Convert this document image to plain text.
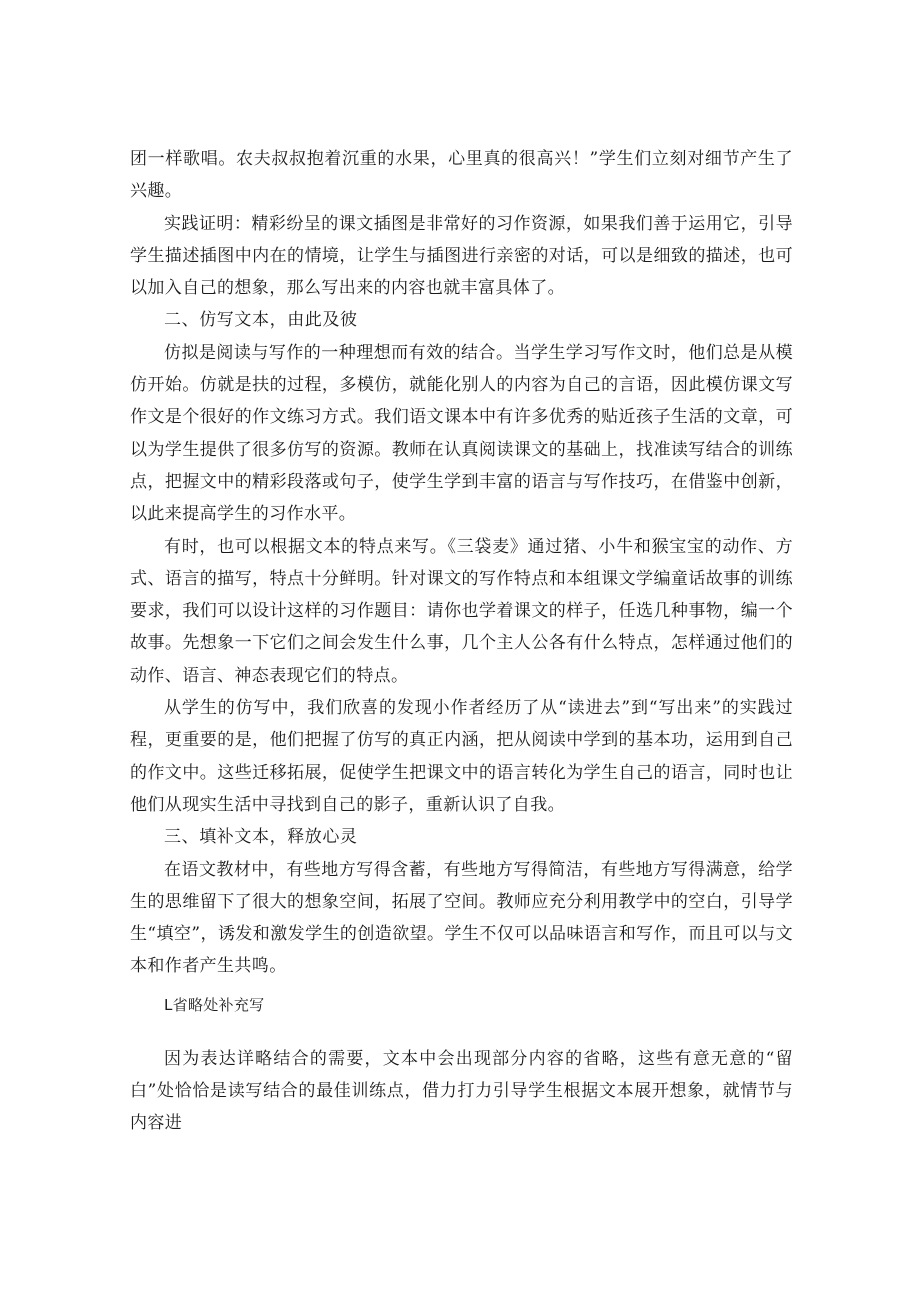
团一样歌唱。农夫叔叔抱着沉重的水果，心里真的很高兴！”学生们立刻对细节产生了兴趣。

实践证明：精彩纷呈的课文插图是非常好的习作资源，如果我们善于运用它，引导学生描述插图中内在的情境，让学生与插图进行亲密的对话，可以是细致的描述，也可以加入自己的想象，那么写出来的内容也就丰富具体了。

二、仿写文本，由此及彼

仿拟是阅读与写作的一种理想而有效的结合。当学生学习写作文时，他们总是从模仿开始。仿就是扶的过程，多模仿，就能化别人的内容为自己的言语，因此模仿课文写作文是个很好的作文练习方式。我们语文课本中有许多优秀的贴近孩子生活的文章，可以为学生提供了很多仿写的资源。教师在认真阅读课文的基础上，找准读写结合的训练点，把握文中的精彩段落或句子，使学生学到丰富的语言与写作技巧，在借鉴中创新，以此来提高学生的习作水平。

有时，也可以根据文本的特点来写。《三袋麦》通过猪、小牛和猴宝宝的动作、方式、语言的描写，特点十分鲜明。针对课文的写作特点和本组课文学编童话故事的训练要求，我们可以设计这样的习作题目：请你也学着课文的样子，任选几种事物，编一个故事。先想象一下它们之间会发生什么事，几个主人公各有什么特点，怎样通过他们的动作、语言、神态表现它们的特点。

从学生的仿写中，我们欣喜的发现小作者经历了从“读进去”到“写出来”的实践过程，更重要的是，他们把握了仿写的真正内涵，把从阅读中学到的基本功，运用到自己的作文中。这些迁移拓展，促使学生把课文中的语言转化为学生自己的语言，同时也让他们从现实生活中寻找到自己的影子，重新认识了自我。

三、填补文本，释放心灵

在语文教材中，有些地方写得含蓄，有些地方写得简洁，有些地方写得满意，给学生的思维留下了很大的想象空间，拓展了空间。教师应充分利用教学中的空白，引导学生“填空”，诱发和激发学生的创造欲望。学生不仅可以品味语言和写作，而且可以与文本和作者产生共鸣。

L省略处补充写

因为表达详略结合的需要，文本中会出现部分内容的省略，这些有意无意的“留白”处恰恰是读写结合的最佳训练点，借力打力引导学生根据文本展开想象，就情节与内容进
